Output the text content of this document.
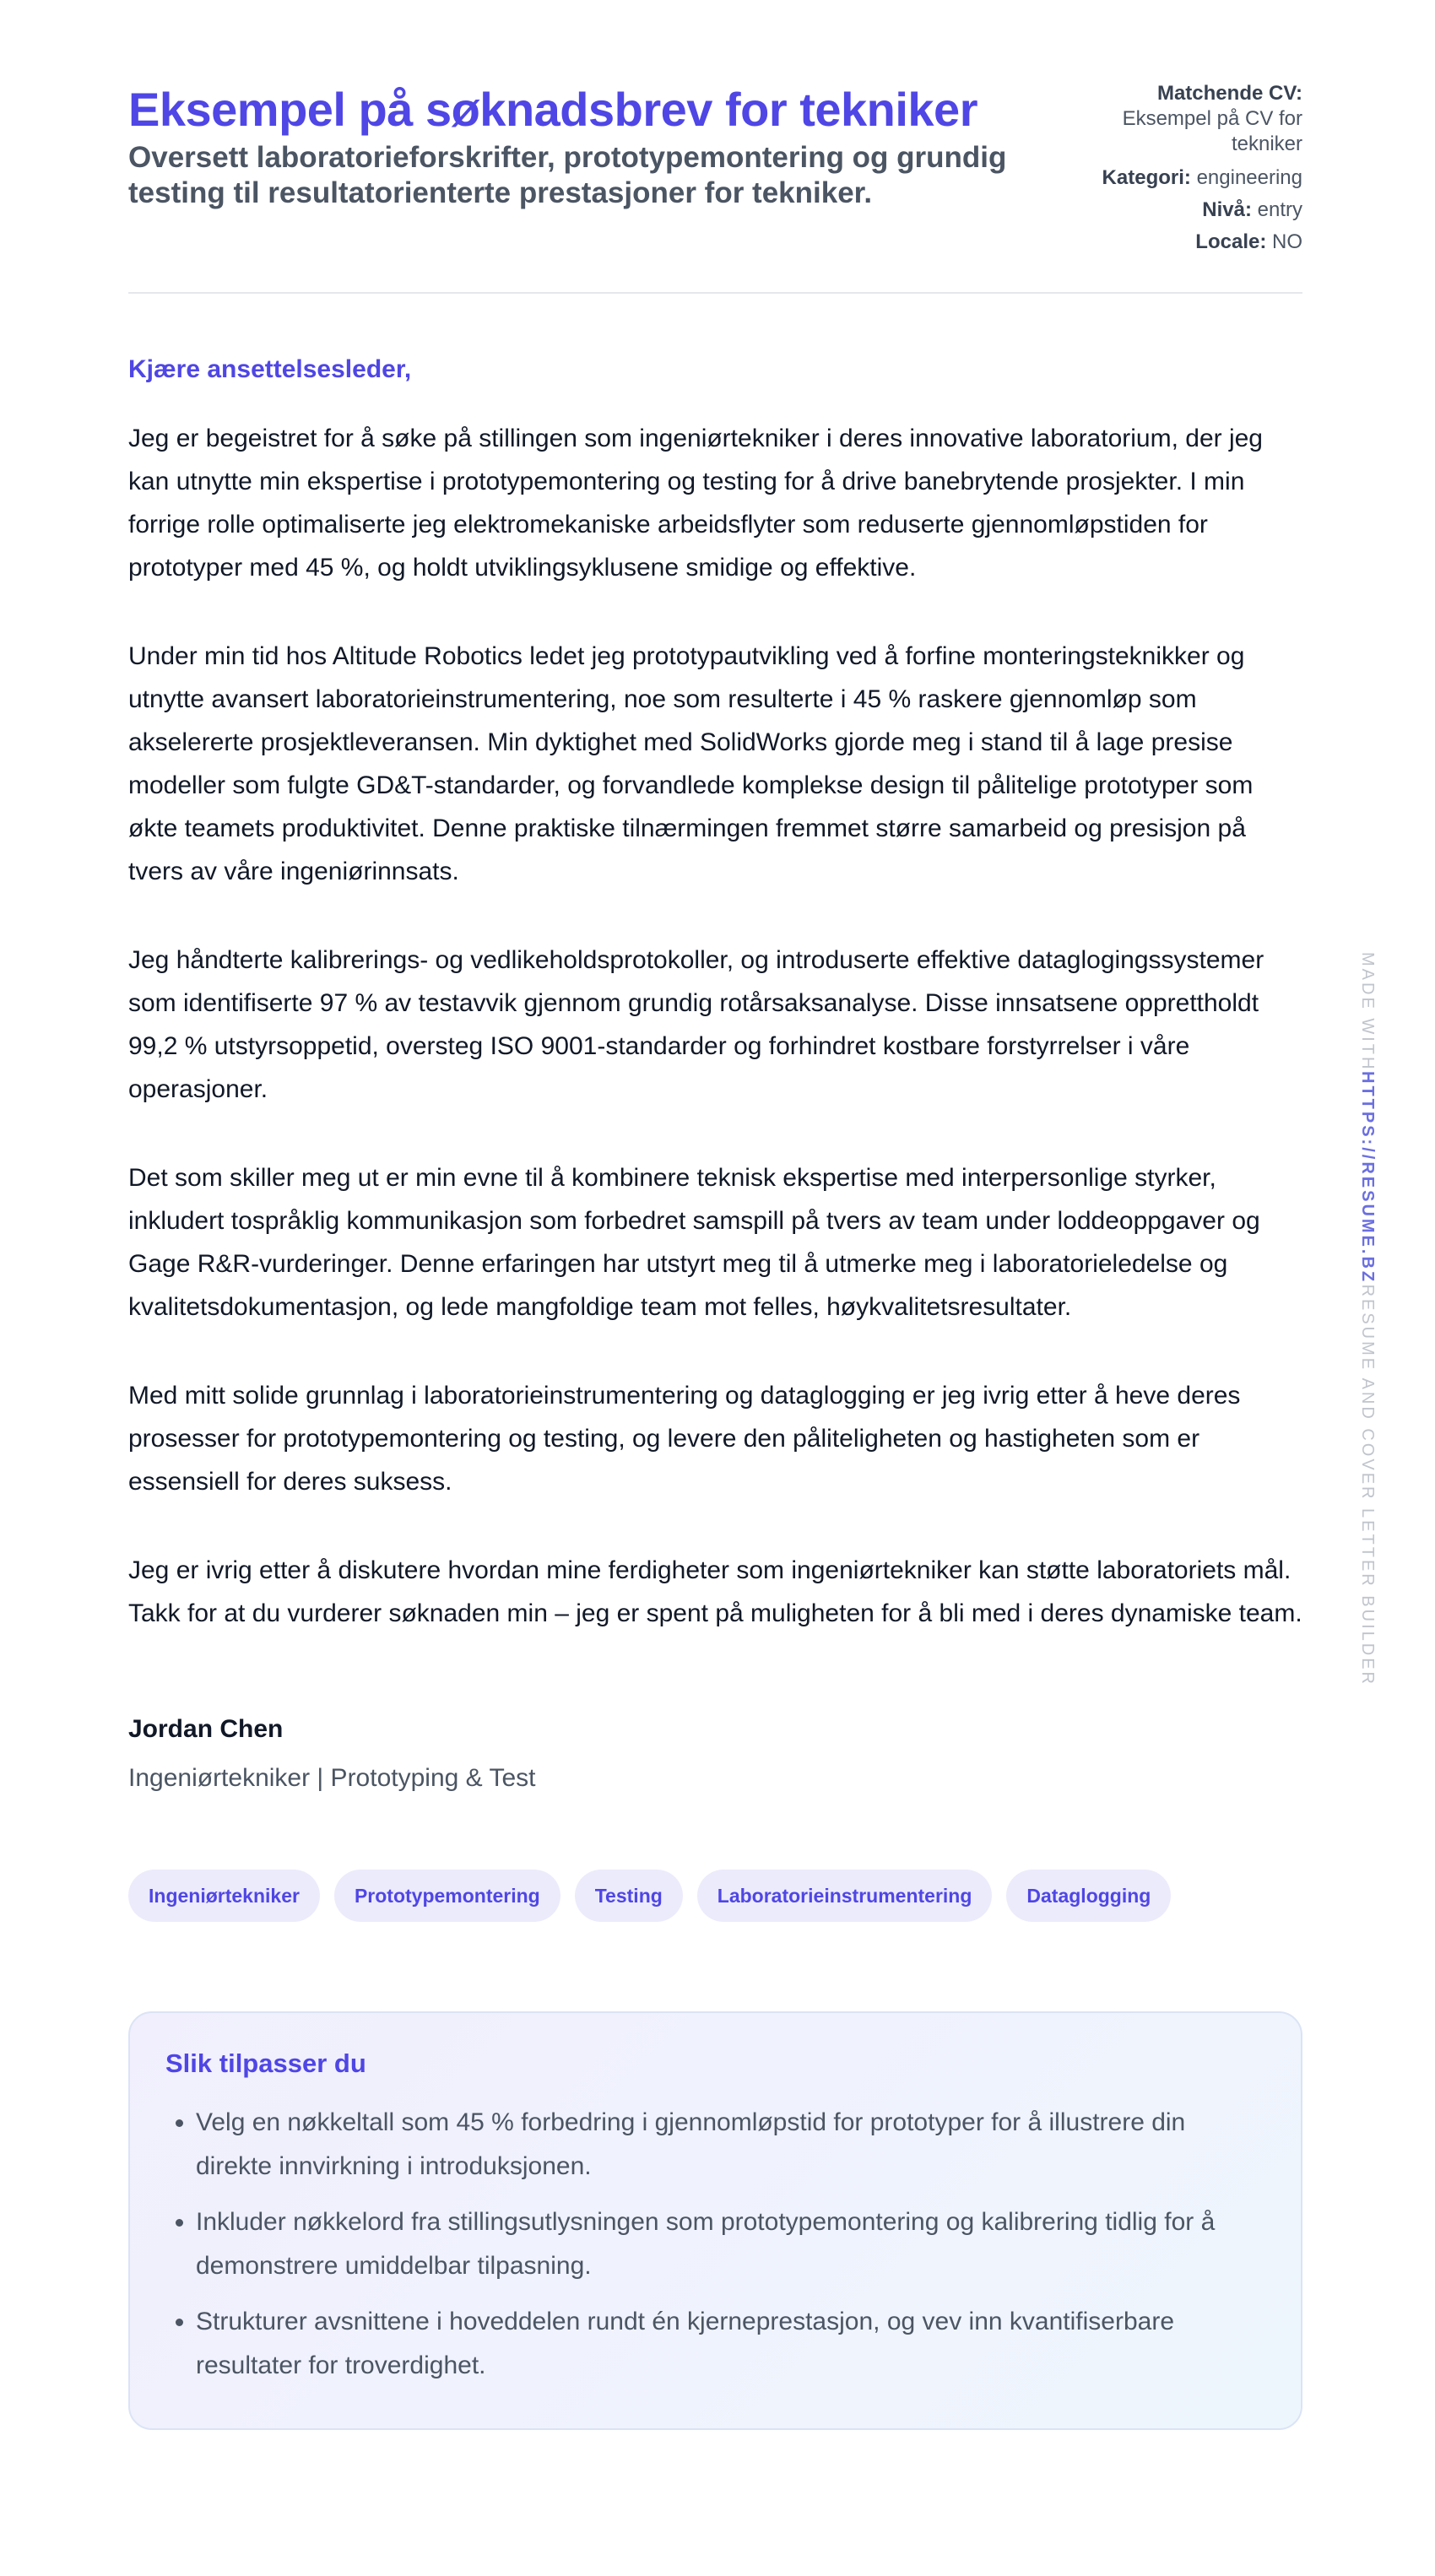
Eksempel på søknadsbrev for tekniker
Oversett laboratorieforskrifter, prototypemontering og grundig testing til resultatorienterte prestasjoner for tekniker.
Matchende CV:
Eksempel på CV for tekniker
Kategori: engineering
Nivå: entry
Locale: NO
Kjære ansettelsesleder,

Jeg er begeistret for å søke på stillingen som ingeniørtekniker i deres innovative laboratorium, der jeg kan utnytte min ekspertise i prototypemontering og testing for å drive banebrytende prosjekter. I min forrige rolle optimaliserte jeg elektromekaniske arbeidsflyter som reduserte gjennomløpstiden for prototyper med 45 %, og holdt utviklingsyklusene smidige og effektive.

Under min tid hos Altitude Robotics ledet jeg prototypautvikling ved å forfine monteringsteknikker og utnytte avansert laboratorieinstrumentering, noe som resulterte i 45 % raskere gjennomløp som akselererte prosjektleveransen. Min dyktighet med SolidWorks gjorde meg i stand til å lage presise modeller som fulgte GD&T-standarder, og forvandlede komplekse design til pålitelige prototyper som økte teamets produktivitet. Denne praktiske tilnærmingen fremmet større samarbeid og presisjon på tvers av våre ingeniørinnsats.

Jeg håndterte kalibrerings- og vedlikeholdsprotokoller, og introduserte effektive dataglogingssystemer som identifiserte 97 % av testavvik gjennom grundig rotårsaksanalyse. Disse innsatsene opprettholdt 99,2 % utstyrsoppetid, oversteg ISO 9001-standarder og forhindret kostbare forstyrrelser i våre operasjoner.

Det som skiller meg ut er min evne til å kombinere teknisk ekspertise med interpersonlige styrker, inkludert tospråklig kommunikasjon som forbedret samspill på tvers av team under loddeoppgaver og Gage R&R-vurderinger. Denne erfaringen har utstyrt meg til å utmerke meg i laboratorieledelse og kvalitetsdokumentasjon, og lede mangfoldige team mot felles, høykvalitetsresultater.

Med mitt solide grunnlag i laboratorieinstrumentering og dataglogging er jeg ivrig etter å heve deres prosesser for prototypemontering og testing, og levere den påliteligheten og hastigheten som er essensiell for deres suksess.

Jeg er ivrig etter å diskutere hvordan mine ferdigheter som ingeniørtekniker kan støtte laboratoriets mål. Takk for at du vurderer søknaden min – jeg er spent på muligheten for å bli med i deres dynamiske team.

Jordan Chen
Ingeniørtekniker | Prototyping & Test
Ingeniørtekniker	Prototypemontering	Testing	Laboratorieinstrumentering	Dataglogging
Slik tilpasser du
• Velg en nøkkeltall som 45 % forbedring i gjennomløpstid for prototyper for å illustrere din direkte innvirkning i introduksjonen.
• Inkluder nøkkelord fra stillingsutlysningen som prototypemontering og kalibrering tidlig for å demonstrere umiddelbar tilpasning.
• Strukturer avsnittene i hoveddelen rundt én kjerneprestasjon, og vev inn kvantifiserbare resultater for troverdighet.
MADE WITHHTTPS://RESUME.BZRESUME AND COVER LETTER BUILDER
